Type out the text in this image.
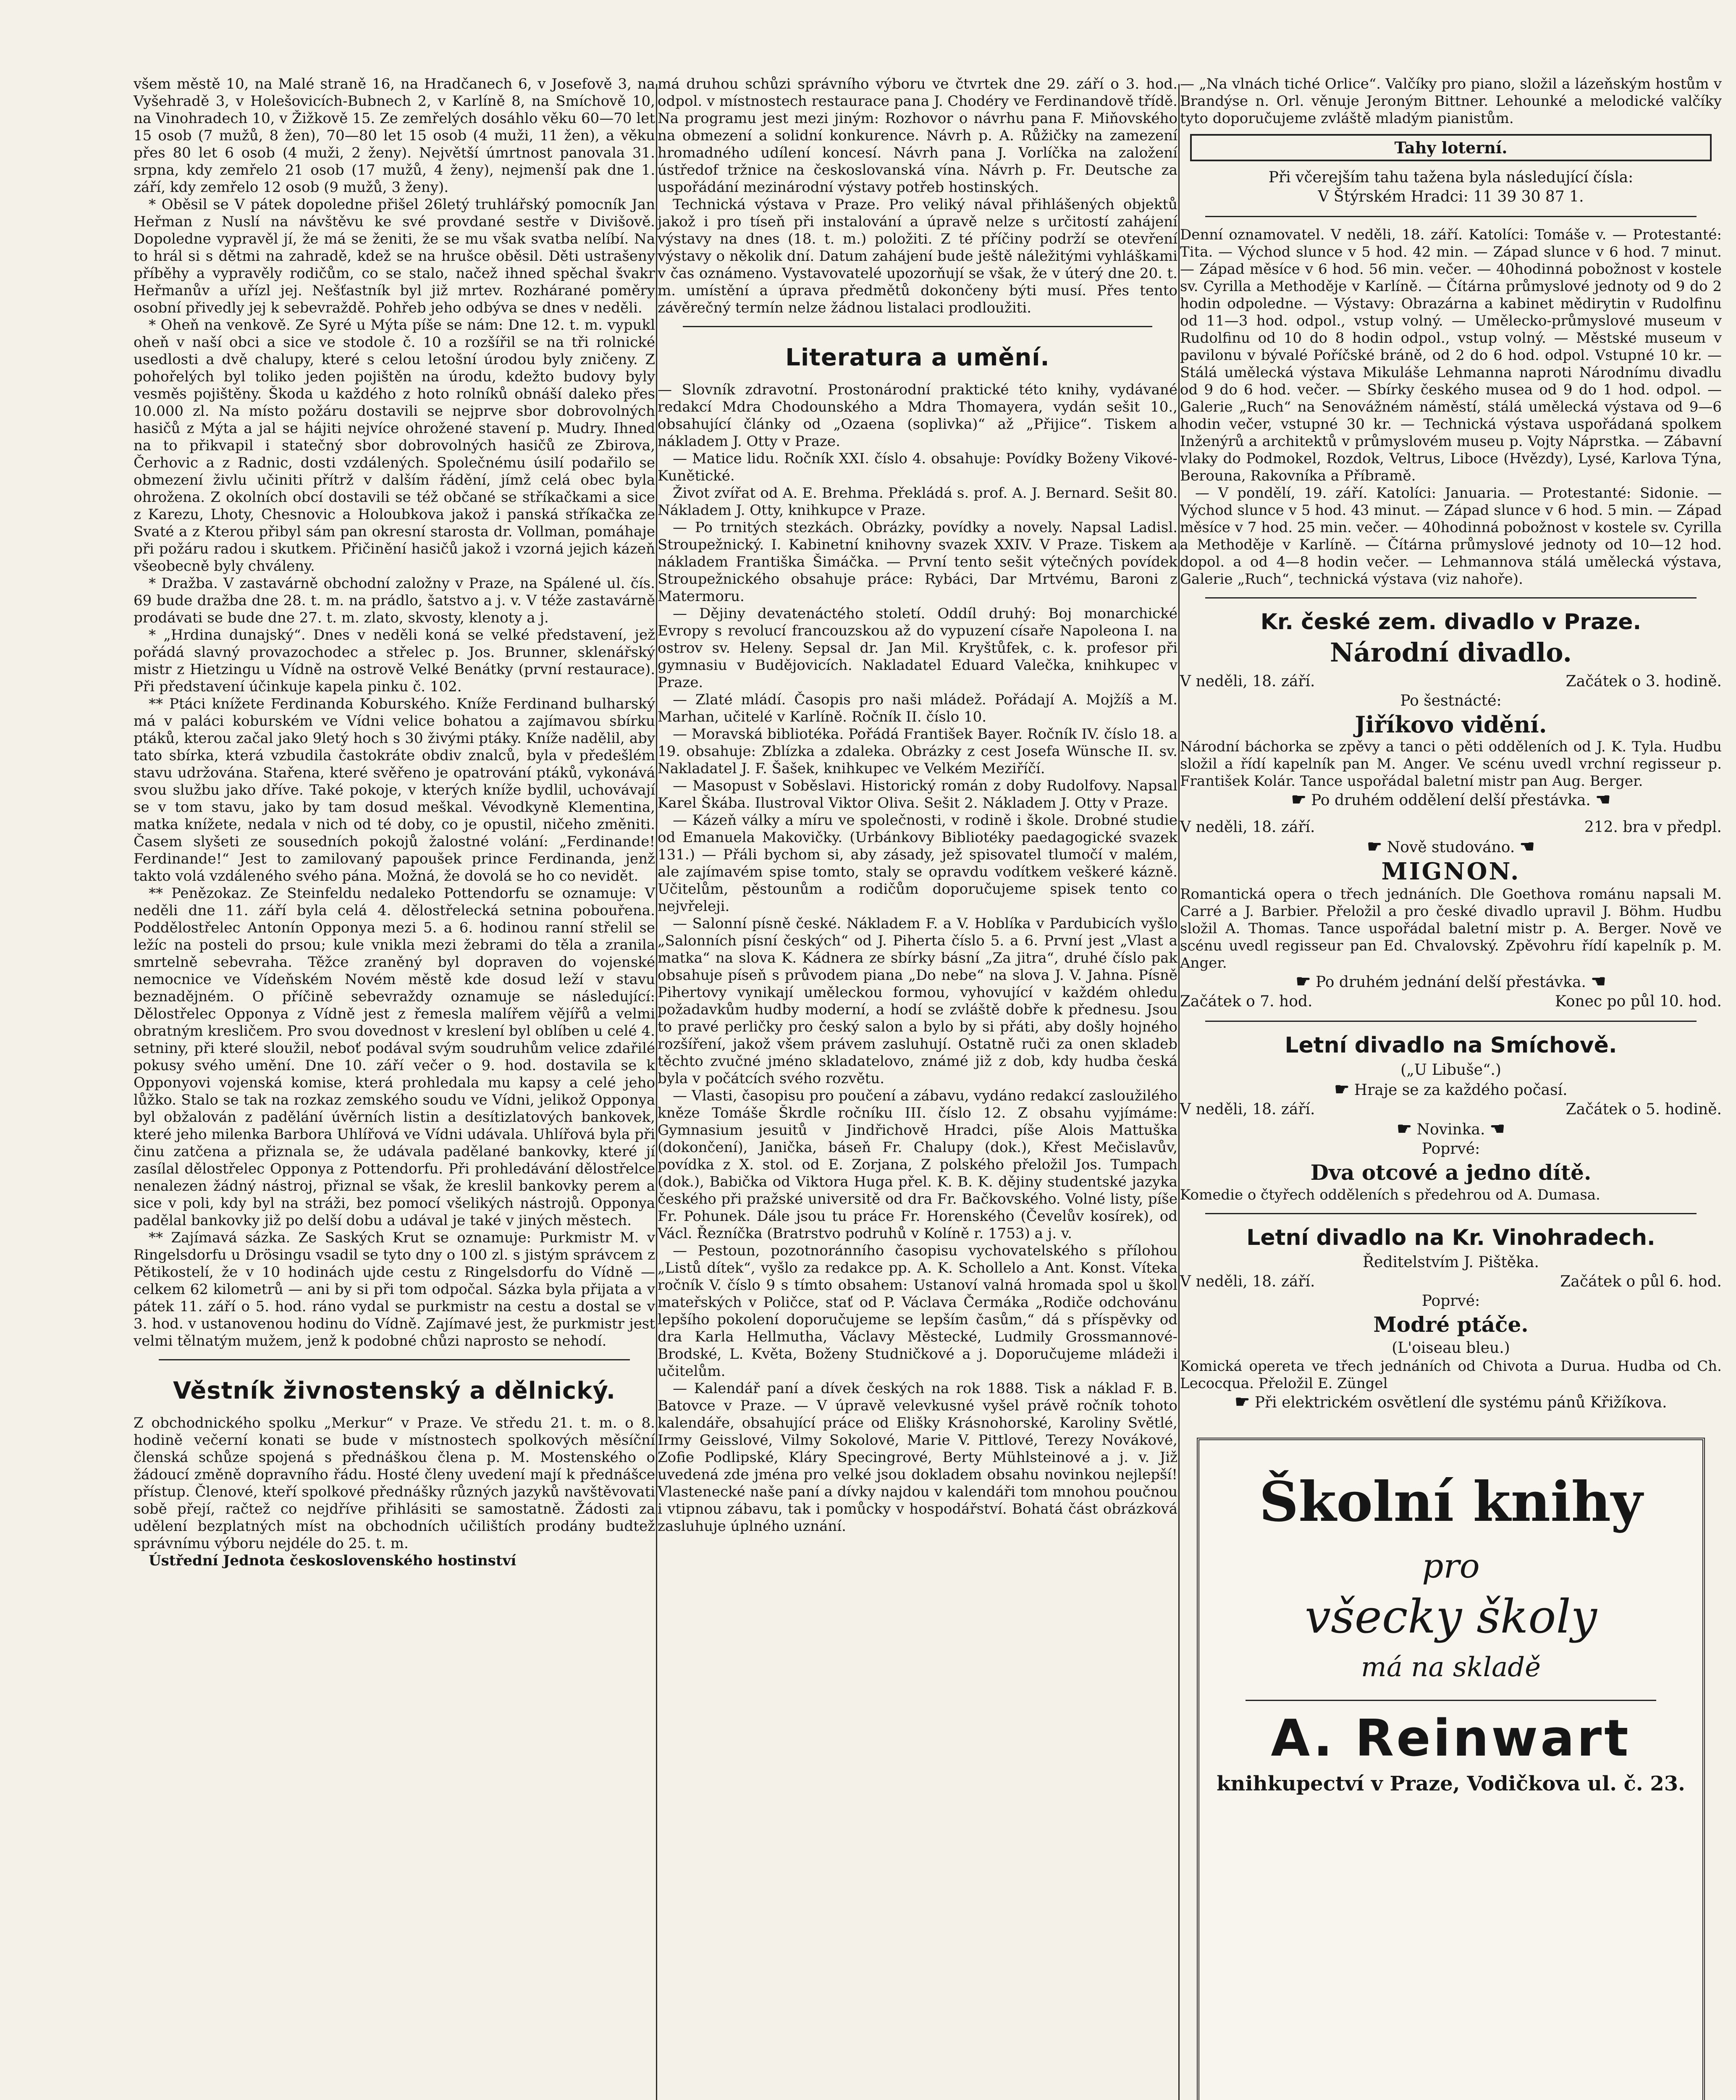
všem městě 10, na Malé straně 16, na Hradčanech 6, v Josefově 3, na Vyšehradě 3, v Holešovicích-Bubnech 2, v Karlíně 8, na Smíchově 10, na Vinohradech 10, v Žižkově 15. Ze zemřelých dosáhlo věku 60—70 let 15 osob (7 mužů, 8 žen), 70—80 let 15 osob (4 muži, 11 žen), a věku přes 80 let 6 osob (4 muži, 2 ženy). Největší úmrtnost panovala 31. srpna, kdy zemřelo 21 osob (17 mužů, 4 ženy), nejmenší pak dne 1. září, kdy zemřelo 12 osob (9 mužů, 3 ženy).

* Oběsil se V pátek dopoledne přišel 26letý truhlářský pomocník Jan Heřman z Nuslí na návštěvu ke své provdané sestře v Divišově. Dopoledne vypravěl jí, že má se ženiti, že se mu však svatba nelíbí. Na to hrál si s dětmi na zahradě, kdež se na hrušce oběsil. Děti ustrašeny příběhy a vypravěly rodičům, co se stalo, načež ihned spěchal švakr Heřmanův a uřízl jej. Nešťastník byl již mrtev. Rozhárané poměry osobní přivedly jej k sebevraždě. Pohřeb jeho odbýva se dnes v neděli.

* Oheň na venkově. Ze Syré u Mýta píše se nám: Dne 12. t. m. vypukl oheň v naší obci a sice ve stodole č. 10 a rozšířil se na tři rolnické usedlosti a dvě chalupy, které s celou letošní úrodou byly zničeny. Z pohořelých byl toliko jeden pojištěn na úrodu, kdežto budovy byly vesměs pojištěny. Škoda u každého z hoto rolníků obnáší daleko přes 10.000 zl. Na místo požáru dostavili se nejprve sbor dobrovolných hasičů z Mýta a jal se hájiti nejvíce ohrožené stavení p. Mudry. Ihned na to přikvapil i statečný sbor dobrovolných hasičů ze Zbirova, Čerhovic a z Radnic, dosti vzdálených. Společnému úsilí podařilo se obmezení živlu učiniti přítrž v dalším řádění, jímž celá obec byla ohrožena. Z okolních obcí dostavili se též občané se stříkačkami a sice z Karezu, Lhoty, Chesnovic a Holoubkova jakož i panská stříkačka ze Svaté a z Kterou přibyl sám pan okresní starosta dr. Vollman, pomáhaje při požáru radou i skutkem. Přičinění hasičů jakož i vzorná jejich kázeň všeobecně byly chváleny.

* Dražba. V zastavárně obchodní založny v Praze, na Spálené ul. čís. 69 bude dražba dne 28. t. m. na prádlo, šatstvo a j. v. V téže zastavárně prodávati se bude dne 27. t. m. zlato, skvosty, klenoty a j.

* „Hrdina dunajský“. Dnes v neděli koná se velké představení, jež pořádá slavný provazochodec a střelec p. Jos. Brunner, sklenářský mistr z Hietzingu u Vídně na ostrově Velké Benátky (první restaurace). Při představení účinkuje kapela pinku č. 102.

** Ptáci knížete Ferdinanda Koburského. Kníže Ferdinand bulharský má v paláci koburském ve Vídni velice bohatou a zajímavou sbírku ptáků, kterou začal jako 9letý hoch s 30 živými ptáky. Kníže nadělil, aby tato sbírka, která vzbudila častokráte obdiv znalců, byla v předešlém stavu udržována. Stařena, které svěřeno je opatrování ptáků, vykonává svou službu jako dříve. Také pokoje, v kterých kníže bydlil, uchovávají se v tom stavu, jako by tam dosud meškal. Vévodkyně Klementina, matka knížete, nedala v nich od té doby, co je opustil, ničeho změniti. Časem slyšeti ze sousedních pokojů žalostné volání: „Ferdinande! Ferdinande!“ Jest to zamilovaný papoušek prince Ferdinanda, jenž takto volá vzdáleného svého pána. Možná, že dovolá se ho co nevidět.

** Penězokaz. Ze Steinfeldu nedaleko Pottendorfu se oznamuje: V neděli dne 11. září byla celá 4. dělostřelecká setnina pobouřena. Poddělostřelec Antonín Opponya mezi 5. a 6. hodinou ranní střelil se ležíc na posteli do prsou; kule vnikla mezi žebrami do těla a zranila smrtelně sebevraha. Těžce zraněný byl dopraven do vojenské nemocnice ve Vídeňském Novém městě kde dosud leží v stavu beznadějném. O příčině sebevraždy oznamuje se následující: Dělostřelec Opponya z Vídně jest z řemesla malířem vějířů a velmi obratným kresličem. Pro svou dovednost v kreslení byl oblíben u celé 4. setniny, při které sloužil, neboť podával svým soudruhům velice zdařilé pokusy svého umění. Dne 10. září večer o 9. hod. dostavila se k Opponyovi vojenská komise, která prohledala mu kapsy a celé jeho lůžko. Stalo se tak na rozkaz zemského soudu ve Vídni, jelikož Opponya byl obžalován z padělání úvěrních listin a desítizlatových bankovek, které jeho milenka Barbora Uhlířová ve Vídni udávala. Uhlířová byla při činu zatčena a přiznala se, že udávala padělané bankovky, které jí zasílal dělostřelec Opponya z Pottendorfu. Při prohledávání dělostřelce nenalezen žádný nástroj, přiznal se však, že kreslil bankovky perem a sice v poli, kdy byl na stráži, bez pomocí všelikých nástrojů. Opponya padělal bankovky již po delší dobu a udával je také v jiných městech.

** Zajímavá sázka. Ze Saských Krut se oznamuje: Purkmistr M. v Ringelsdorfu u Drösingu vsadil se tyto dny o 100 zl. s jistým správcem z Pětikostelí, že v 10 hodinách ujde cestu z Ringelsdorfu do Vídně — celkem 62 kilometrů — ani by si při tom odpočal. Sázka byla přijata a v pátek 11. září o 5. hod. ráno vydal se purkmistr na cestu a dostal se v 3. hod. v ustanovenou hodinu do Vídně. Zajímavé jest, že purkmistr jest velmi tělnatým mužem, jenž k podobné chůzi naprosto se nehodí.

Věstník živnostenský a dělnický.

Z obchodnického spolku „Merkur“ v Praze. Ve středu 21. t. m. o 8. hodině večerní konati se bude v místnostech spolkových měsíční členská schůze spojená s přednáškou člena p. M. Mostenského o žádoucí změně dopravního řádu. Hosté členy uvedení mají k přednášce přístup. Členové, kteří spolkové přednášky různých jazyků navštěvovati sobě přejí, račtež co nejdříve přihlásiti se samostatně. Žádosti za udělení bezplatných míst na obchodních učilištích prodány budtež správnímu výboru nejdéle do 25. t. m.

Ústřední Jednota československého hostinství

má druhou schůzi správního výboru ve čtvrtek dne 29. září o 3. hod. odpol. v místnostech restaurace pana J. Chodéry ve Ferdinandově třídě. Na programu jest mezi jiným: Rozhovor o návrhu pana F. Miňovského na obmezení a solidní konkurence. Návrh p. A. Růžičky na zamezení hromadného udílení koncesí. Návrh pana J. Vorlíčka na založení ústředof tržnice na českoslovanská vína. Návrh p. Fr. Deutsche za uspořádání mezinárodní výstavy potřeb hostinských.

Technická výstava v Praze. Pro veliký nával přihlášených objektů jakož i pro tíseň při instalování a úpravě nelze s určitostí zahájení výstavy na dnes (18. t. m.) položiti. Z té příčiny podrží se otevření výstavy o několik dní. Datum zahájení bude ještě náležitými vyhláškami v čas oznámeno. Vystavovatelé upozorňují se však, že v úterý dne 20. t. m. umístění a úprava předmětů dokončeny býti musí. Přes tento závěrečný termín nelze žádnou listalaci prodloužiti.

Literatura a umění.

— Slovník zdravotní. Prostonárodní praktické této knihy, vydávané redakcí Mdra Chodounského a Mdra Thomayera, vydán sešit 10., obsahující články od „Ozaena (soplivka)“ až „Přijice“. Tiskem a nákladem J. Otty v Praze.

— Matice lidu. Ročník XXI. číslo 4. obsahuje: Povídky Boženy Vikové-Kunětické.

Život zvířat od A. E. Brehma. Překládá s. prof. A. J. Bernard. Sešit 80. Nákladem J. Otty, knihkupce v Praze.

— Po trnitých stezkách. Obrázky, povídky a novely. Napsal Ladisl. Stroupežnický. I. Kabinetní knihovny svazek XXIV. V Praze. Tiskem a nákladem Františka Šimáčka. — První tento sešit výtečných povídek Stroupežnického obsahuje práce: Rybáci, Dar Mrtvému, Baroni z Matermoru.

— Dějiny devatenáctého století. Oddíl druhý: Boj monarchické Evropy s revolucí francouzskou až do vypuzení císaře Napoleona I. na ostrov sv. Heleny. Sepsal dr. Jan Mil. Kryštůfek, c. k. profesor při gymnasiu v Budějovicích. Nakladatel Eduard Valečka, knihkupec v Praze.

— Zlaté mládí. Časopis pro naši mládež. Pořádají A. Mojžíš a M. Marhan, učitelé v Karlíně. Ročník II. číslo 10.

— Moravská bibliotéka. Pořádá František Bayer. Ročník IV. číslo 18. a 19. obsahuje: Zblízka a zdaleka. Obrázky z cest Josefa Wünsche II. sv. Nakladatel J. F. Šašek, knihkupec ve Velkém Meziříčí.

— Masopust v Soběslavi. Historický román z doby Rudolfovy. Napsal Karel Škába. Ilustroval Viktor Oliva. Sešit 2. Nákladem J. Otty v Praze.

— Kázeň války a míru ve společnosti, v rodině i škole. Drobné studie od Emanuela Makovičky. (Urbánkovy Bibliotéky paedagogické svazek 131.) — Přáli bychom si, aby zásady, jež spisovatel tlumočí v malém, ale zajímavém spise tomto, staly se opravdu vodítkem veškeré kázně. Učitelům, pěstounům a rodičům doporučujeme spisek tento co nejvřeleji.

— Salonní písně české. Nákladem F. a V. Hoblíka v Pardubicích vyšlo „Salonních písní českých“ od J. Piherta číslo 5. a 6. První jest „Vlast a matka“ na slova K. Kádnera ze sbírky básní „Za jitra“, druhé číslo pak obsahuje píseň s průvodem piana „Do nebe“ na slova J. V. Jahna. Písně Pihertovy vynikají uměleckou formou, vyhovující v každém ohledu požadavkům hudby moderní, a hodí se zvláště dobře k přednesu. Jsou to pravé perličky pro český salon a bylo by si přáti, aby došly hojného rozšíření, jakož všem právem zasluhují. Ostatně ruči za onen skladeb těchto zvučné jméno skladatelovo, známé již z dob, kdy hudba česká byla v počátcích svého rozvětu.

— Vlasti, časopisu pro poučení a zábavu, vydáno redakcí zasloužilého kněze Tomáše Škrdle ročníku III. číslo 12. Z obsahu vyjímáme: Gymnasium jesuitů v Jindřichově Hradci, píše Alois Mattuška (dokončení), Janička, báseň Fr. Chalupy (dok.), Křest Mečislavův, povídka z X. stol. od E. Zorjana, Z polského přeložil Jos. Tumpach (dok.), Babička od Viktora Huga přel. K. B. K. dějiny studentské jazyka českého při pražské universitě od dra Fr. Bačkovského. Volné listy, píše Fr. Pohunek. Dále jsou tu práce Fr. Horenského (Čevelův kosírek), od Václ. Řezníčka (Bratrstvo podruhů v Kolíně r. 1753) a j. v.

— Pestoun, pozotnoránního časopisu vychovatelského s přílohou „Listů dítek“, vyšlo za redakce pp. A. K. Schollelo a Ant. Konst. Víteka ročník V. číslo 9 s tímto obsahem: Ustanoví valná hromada spol u škol mateřských v Poličce, stať od P. Václava Čermáka „Rodiče odchovánu lepšího pokolení doporučujeme se lepším časům,“ dá s příspěvky od dra Karla Hellmutha, Václavy Městecké, Ludmily Grossmannové-Brodské, L. Květa, Boženy Studničkové a j. Doporučujeme mládeži i učitelům.

— Kalendář paní a dívek českých na rok 1888. Tisk a náklad F. B. Batovce v Praze. — V úpravě velevkusné vyšel právě ročník tohoto kalendáře, obsahující práce od Elišky Krásnohorské, Karoliny Světlé, Irmy Geisslové, Vilmy Sokolové, Marie V. Pittlové, Terezy Novákové, Zofie Podlipské, Kláry Specingrové, Berty Mühlsteinové a j. v. Již uvedená zde jména pro velké jsou dokladem obsahu novinkou nejlepší! Vlastenecké naše paní a dívky najdou v kalendáři tom mnohou poučnou i vtipnou zábavu, tak i pomůcky v hospodářství. Bohatá část obrázková zasluhuje úplného uznání.

— „Na vlnách tiché Orlice“. Valčíky pro piano, složil a lázeňským hostům v Brandýse n. Orl. věnuje Jeroným Bittner. Lehounké a melodické valčíky tyto doporučujeme zvláště mladým pianistům.

Tahy loterní.
Při včerejším tahu tažena byla následující čísla:
V Štýrském Hradci: 11 39 30 87 1.

Denní oznamovatel. V neděli, 18. září. Katolíci: Tomáše v. — Protestanté: Tita. — Východ slunce v 5 hod. 42 min. — Západ slunce v 6 hod. 7 minut. — Západ měsíce v 6 hod. 56 min. večer. — 40hodinná pobožnost v kostele sv. Cyrilla a Methoděje v Karlíně. — Čítárna průmyslové jednoty od 9 do 2 hodin odpoledne. — Výstavy: Obrazárna a kabinet mědirytin v Rudolfinu od 11—3 hod. odpol., vstup volný. — Umělecko-průmyslové museum v Rudolfinu od 10 do 8 hodin odpol., vstup volný. — Městské museum v pavilonu v bývalé Poříčské bráně, od 2 do 6 hod. odpol. Vstupné 10 kr. — Stálá umělecká výstava Mikuláše Lehmanna naproti Národnímu divadlu od 9 do 6 hod. večer. — Sbírky českého musea od 9 do 1 hod. odpol. — Galerie „Ruch“ na Senovážném náměstí, stálá umělecká výstava od 9—6 hodin večer, vstupné 30 kr. — Technická výstava uspořádaná spolkem Inženýrů a architektů v průmyslovém museu p. Vojty Náprstka. — Zábavní vlaky do Podmokel, Rozdok, Veltrus, Liboce (Hvězdy), Lysé, Karlova Týna, Berouna, Rakovníka a Příbramě.

— V pondělí, 19. září. Katolíci: Januaria. — Protestanté: Sidonie. — Východ slunce v 5 hod. 43 minut. — Západ slunce v 6 hod. 5 min. — Západ měsíce v 7 hod. 25 min. večer. — 40hodinná pobožnost v kostele sv. Cyrilla a Methoděje v Karlíně. — Čítárna průmyslové jednoty od 10—12 hod. dopol. a od 4—8 hodin večer. — Lehmannova stálá umělecká výstava, Galerie „Ruch“, technická výstava (viz nahoře).

Kr. české zem. divadlo v Praze.
Národní divadlo.
V neděli, 18. září.	Začátek o 3. hodině.
Po šestnácté:
Jiříkovo vidění.

Národní báchorka se zpěvy a tanci o pěti odděleních od J. K. Tyla. Hudbu složil a řídí kapelník pan M. Anger. Ve scénu uvedl vrchní regisseur p. František Kolár. Tance uspořádal baletní mistr pan Aug. Berger.

☛ Po druhém oddělení delší přestávka. ☚
V neděli, 18. září.	212. bra v předpl.
☛ Nově studováno. ☚
MIGNON.

Romantická opera o třech jednáních. Dle Goethova románu napsali M. Carré a J. Barbier. Přeložil a pro české divadlo upravil J. Böhm. Hudbu složil A. Thomas. Tance uspořádal baletní mistr p. A. Berger. Nově ve scénu uvedl regisseur pan Ed. Chvalovský. Zpěvohru řídí kapelník p. M. Anger.

☛ Po druhém jednání delší přestávka. ☚
Začátek o 7. hod.	Konec po půl 10. hod.
Letní divadlo na Smíchově.
(„U Libuše“.)
☛ Hraje se za každého počasí.
V neděli, 18. září.	Začátek o 5. hodině.
☛ Novinka. ☚
Poprvé:
Dva otcové a jedno dítě.

Komedie o čtyřech odděleních s předehrou od A. Dumasa.

Letní divadlo na Kr. Vinohradech.
Ředitelstvím J. Pištěka.
V neděli, 18. září.	Začátek o půl 6. hod.
Poprvé:
Modré ptáče.
(L'oiseau bleu.)

Komická opereta ve třech jednáních od Chivota a Durua. Hudba od Ch. Lecocqua. Přeložil E. Züngel

☛ Při elektrickém osvětlení dle systému pánů Křižíkova.
Školní knihy
pro
všecky školy
má na skladě
A. Reinwart
knihkupectví v Praze, Vodičkova ul. č. 23.
